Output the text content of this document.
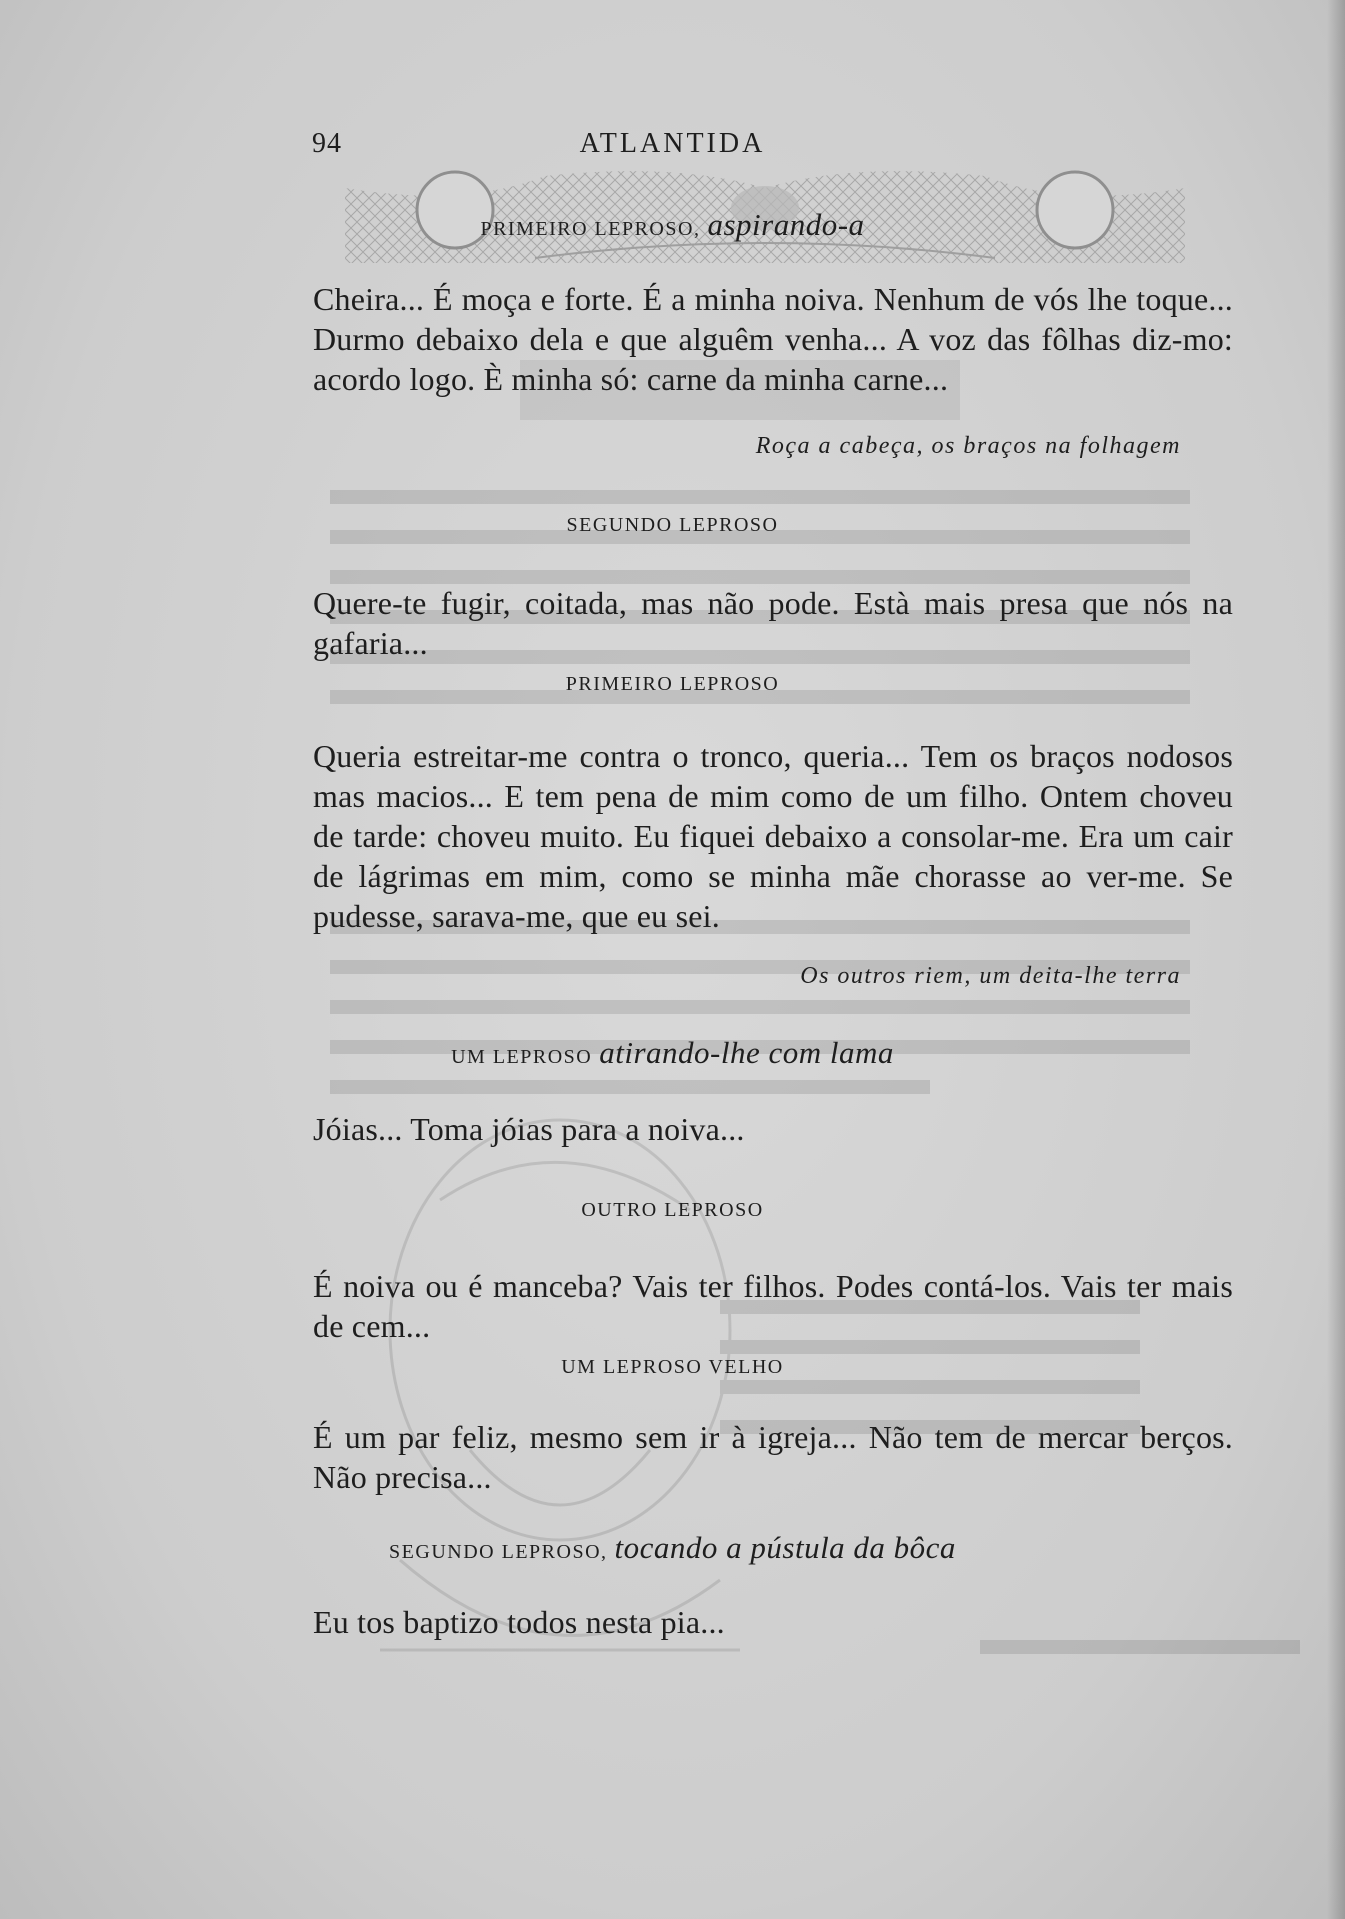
94	ATLANTIDA
PRIMEIRO LEPROSO, aspirando-a
Cheira... É moça e forte. É a minha noiva. Nenhum de vós lhe toque... Durmo debaixo dela e que alguêm venha... A voz das fôlhas diz-mo: acordo logo. È minha só: carne da minha carne...
Roça a cabeça, os braços na folhagem
SEGUNDO LEPROSO
Quere-te fugir, coitada, mas não pode. Està mais presa que nós na gafaria...
PRIMEIRO LEPROSO
Queria estreitar-me contra o tronco, queria... Tem os braços nodosos mas macios... E tem pena de mim como de um filho. Ontem choveu de tarde: choveu muito. Eu fiquei debaixo a consolar-me. Era um cair de lágrimas em mim, como se minha mãe chorasse ao ver-me. Se pudesse, sarava-me, que eu sei.
Os outros riem, um deita-lhe terra
UM LEPROSO atirando-lhe com lama
Jóias... Toma jóias para a noiva...
OUTRO LEPROSO
É noiva ou é manceba? Vais ter filhos. Podes contá-los. Vais ter mais de cem...
UM LEPROSO VELHO
É um par feliz, mesmo sem ir à igreja... Não tem de mercar berços. Não precisa...
SEGUNDO LEPROSO, tocando a pústula da bôca
Eu tos baptizo todos nesta pia...
